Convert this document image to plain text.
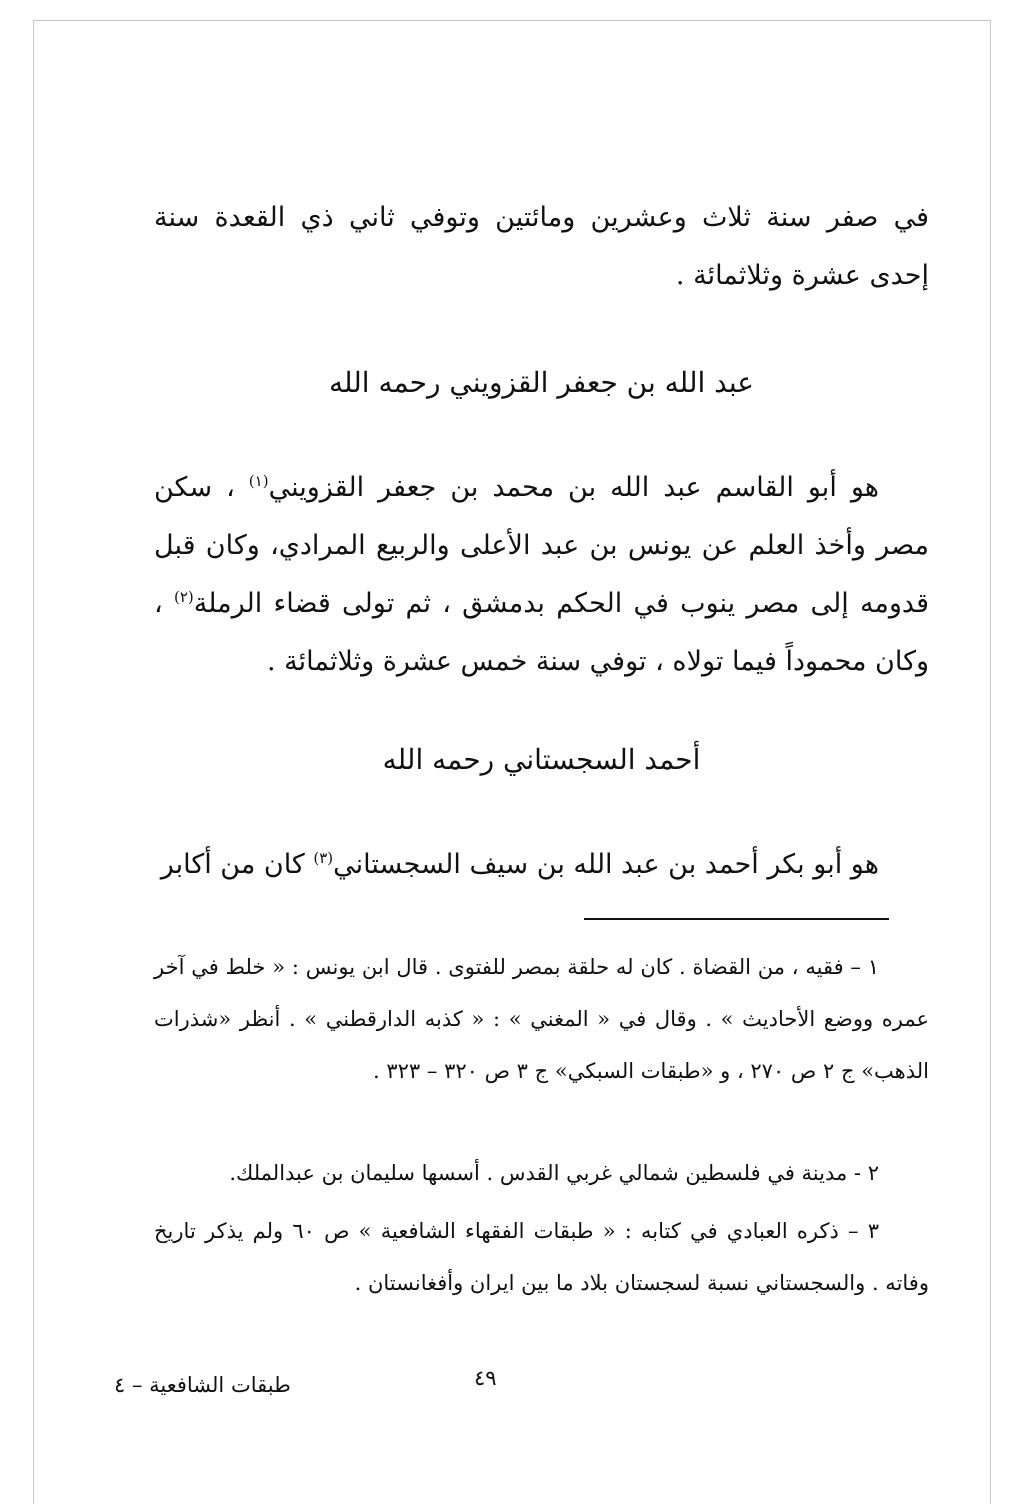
في صفر سنة ثلاث وعشرين ومائتين وتوفي ثاني ذي القعدة سنة إحدى عشرة وثلاثمائة .
عبد الله بن جعفر القزويني رحمه الله
هو أبو القاسم عبد الله بن محمد بن جعفر القزويني$^{(١)}$ ، سكن مصر وأخذ العلم عن يونس بن عبد الأعلى والربيع المرادي، وكان قبل قدومه إلى مصر ينوب في الحكم بدمشق ، ثم تولى قضاء الرملة$^{(٢)}$ ، وكان محموداً فيما تولاه ، توفي سنة خمس عشرة وثلاثمائة .
أحمد السجستاني رحمه الله
هو أبو بكر أحمد بن عبد الله بن سيف السجستاني$^{(٣)}$ كان من أكابر
١ – فقيه ، من القضاة . كان له حلقة بمصر للفتوى . قال ابن يونس : « خلط في آخر عمره ووضع الأحاديث » . وقال في « المغني » : « كذبه الدارقطني » . أنظر «شذرات الذهب» ج ٢ ص ٢٧٠ ، و «طبقات السبكي» ج ٣ ص ٣٢٠ – ٣٢٣ .
٢ - مدينة في فلسطين شمالي غربي القدس . أسسها سليمان بن عبدالملك.
٣ – ذكره العبادي في كتابه : « طبقات الفقهاء الشافعية » ص ٦٠ ولم يذكر تاريخ وفاته . والسجستاني نسبة لسجستان بلاد ما بين ايران وأفغانستان .
٤٩
طبقات الشافعية – ٤
